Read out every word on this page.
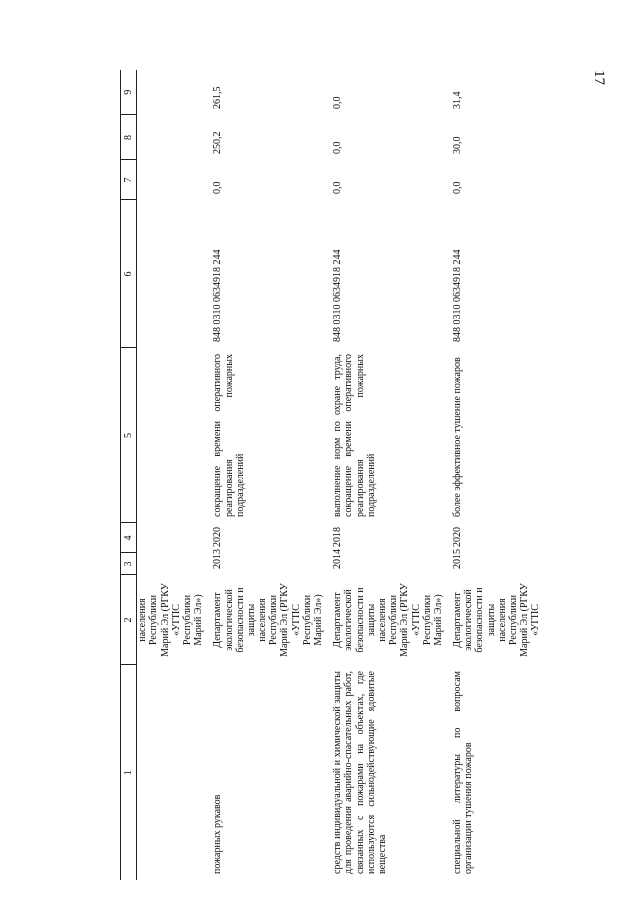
17
1	2	3	4	5	6	7	8	9
	населения Республики Марий Эл (РГКУ «УГПС Республики Марий Эл»)							
пожарных рукавов	Департамент экологической безопасности и защиты населения Республики Марий Эл (РГКУ «УГПС Республики Марий Эл»)	2013	2020	сокращение времени оперативного реагирования пожарных подразделений	848 0310 0634918 244	0,0	250,2	261,5
средств индивидуальной и химической защиты для проведения аварийно-спасательных работ, связанных с пожарами на объектах, где используются сильнодействующие ядовитые вещества	Департамент экологической безопасности и защиты населения Республики Марий Эл (РГКУ «УГПС Республики Марий Эл»)	2014	2018	выполнение норм по охране труда, сокращение времени оперативного реагирования пожарных подразделений	848 0310 0634918 244	0,0	0,0	0,0
специальной литературы по вопросам организации тушения пожаров	Департамент экологической безопасности и защиты населения Республики Марий Эл (РГКУ «УГПС	2015	2020	более эффективное тушение пожаров	848 0310 0634918 244	0,0	30,0	31,4
